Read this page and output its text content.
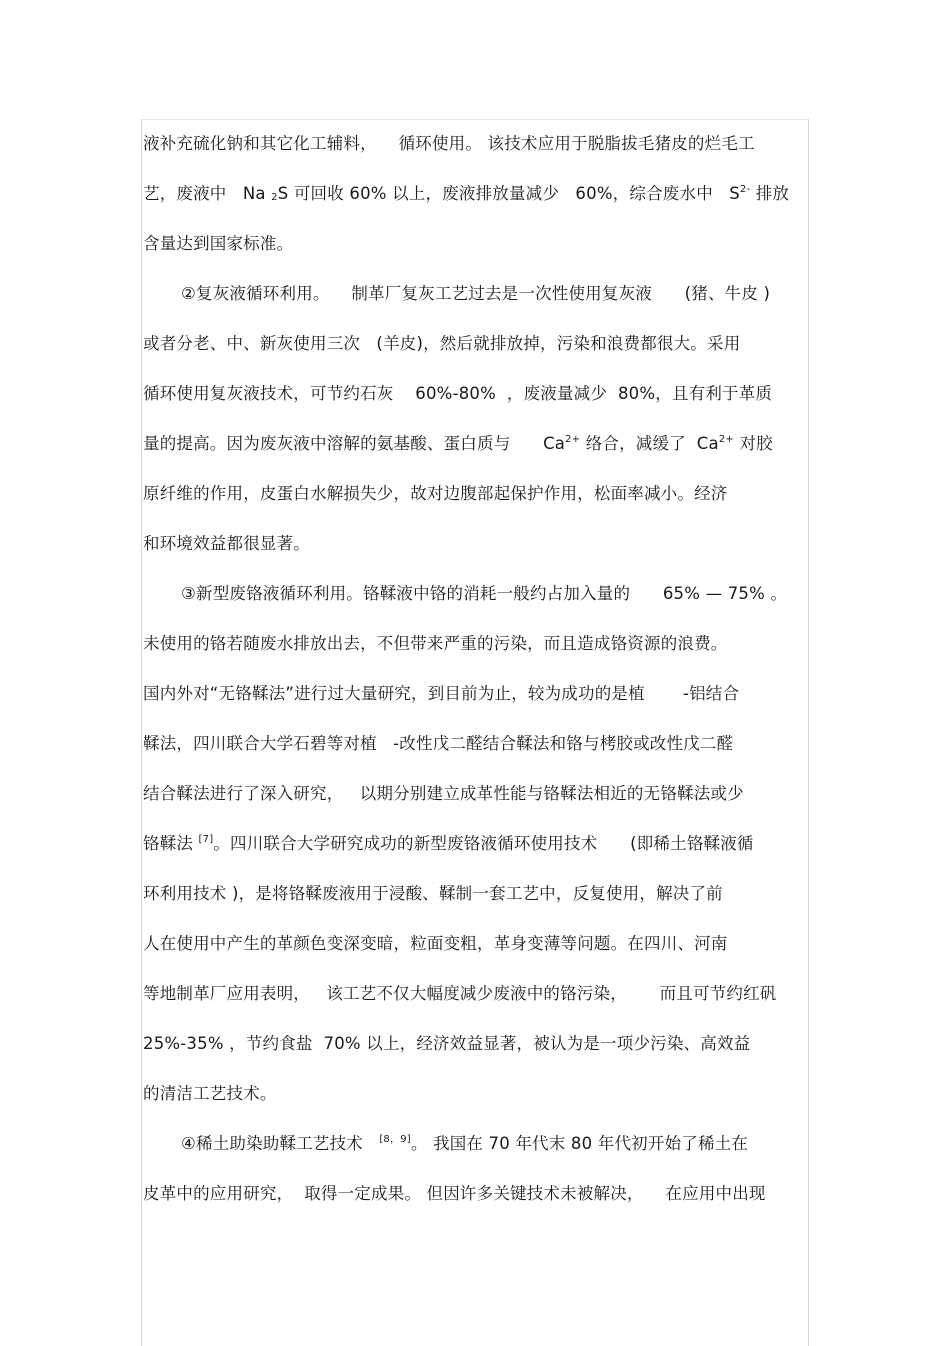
液补充硫化钠和其它化工辅料，    循环使用。 该技术应用于脱脂拔毛猪皮的烂毛工
艺，废液中   Na $_2$S 可回收 60% 以上，废液排放量减少   60%，综合废水中   $S^{2-}$ 排放
含量达到国家标准。
②复灰液循环利用。    制革厂复灰工艺过去是一次性使用复灰液      (猪、牛皮 )
或者分老、中、新灰使用三次   (羊皮)，然后就排放掉，污染和浪费都很大。采用
循环使用复灰液技术，可节约石灰    60%-80%  ，废液量减少  80%，且有利于革质
量的提高。因为废灰液中溶解的氨基酸、蛋白质与      $Ca^{2+}$ 络合，减缓了  $Ca^{2+}$ 对胶
原纤维的作用，皮蛋白水解损失少，故对边腹部起保护作用，松面率减小。经济
和环境效益都很显著。
③新型废铬液循环利用。铬鞣液中铬的消耗一般约占加入量的      65% — 75% 。
未使用的铬若随废水排放出去，不但带来严重的污染，而且造成铬资源的浪费。
国内外对“无铬鞣法”进行过大量研究，到目前为止，较为成功的是植       -铝结合
鞣法，四川联合大学石碧等对植   -改性戊二醛结合鞣法和铬与栲胶或改性戊二醛
结合鞣法进行了深入研究，   以期分别建立成革性能与铬鞣法相近的无铬鞣法或少
铬鞣法 [7]。四川联合大学研究成功的新型废铬液循环使用技术      (即稀土铬鞣液循
环利用技术 )，是将铬鞣废液用于浸酸、鞣制一套工艺中，反复使用，解决了前
人在使用中产生的革颜色变深变暗，粒面变粗，革身变薄等问题。在四川、河南
等地制革厂应用表明，   该工艺不仅大幅度减少废液中的铬污染，      而且可节约红矾
25%-35% ，节约食盐  70% 以上，经济效益显著，被认为是一项少污染、高效益
的清洁工艺技术。
④稀土助染助鞣工艺技术   [8，9]。 我国在 70 年代末 80 年代初开始了稀土在
皮革中的应用研究，  取得一定成果。 但因许多关键技术未被解决，    在应用中出现
